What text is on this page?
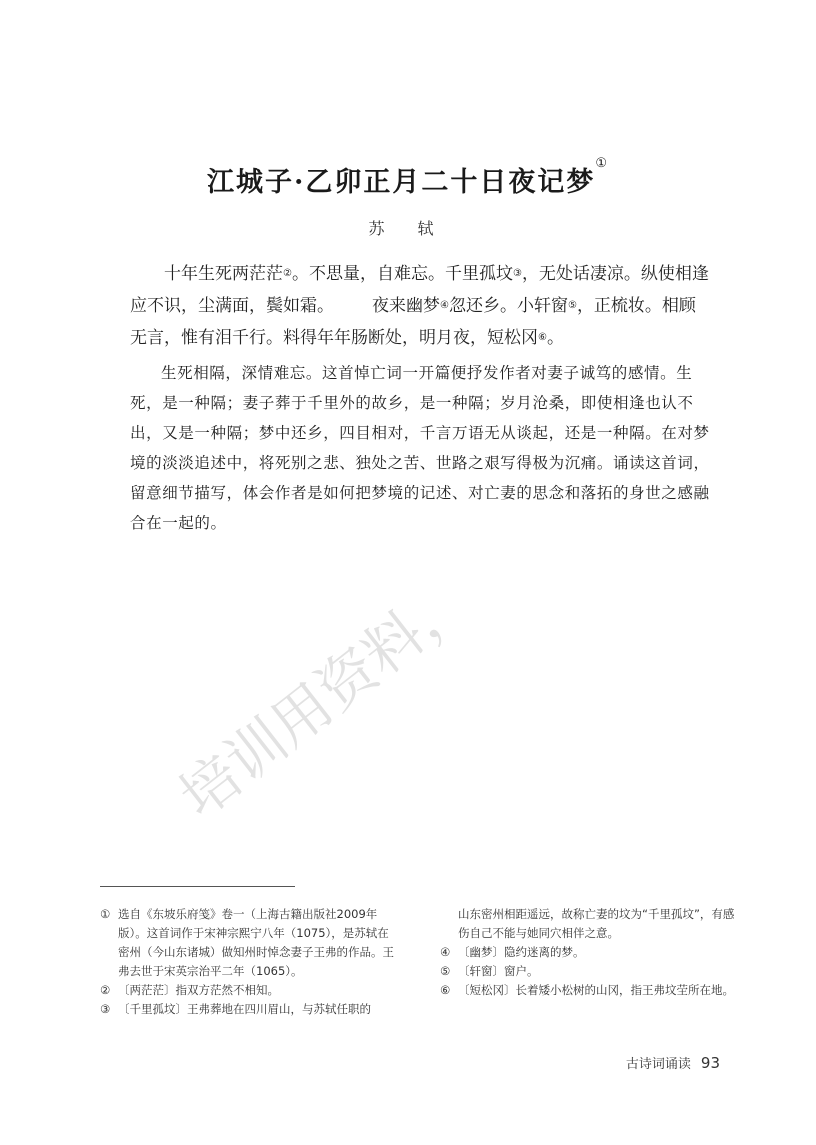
培训用资料，
江城子·乙卯正月二十日夜记梦①
苏 轼

十年生死两茫茫②。不思量，自难忘。千里孤坟③，无处话凄凉。纵使相逢应不识，尘满面，鬓如霜。 夜来幽梦④忽还乡。小轩窗⑤，正梳妆。相顾无言，惟有泪千行。料得年年肠断处，明月夜，短松冈⑥。

生死相隔，深情难忘。这首悼亡词一开篇便抒发作者对妻子诚笃的感情。生死，是一种隔；妻子葬于千里外的故乡，是一种隔；岁月沧桑，即使相逢也认不出，又是一种隔；梦中还乡，四目相对，千言万语无从谈起，还是一种隔。在对梦境的淡淡追述中，将死别之悲、独处之苦、世路之艰写得极为沉痛。诵读这首词，留意细节描写，体会作者是如何把梦境的记述、对亡妻的思念和落拓的身世之感融合在一起的。

① 选自《东坡乐府笺》卷一（上海古籍出版社2009年版）。这首词作于宋神宗熙宁八年（1075），是苏轼在密州（今山东诸城）做知州时悼念妻子王弗的作品。王弗去世于宋英宗治平二年（1065）。
② 〔两茫茫〕指双方茫然不相知。
③ 〔千里孤坟〕王弗葬地在四川眉山，与苏轼任职的
山东密州相距遥远，故称亡妻的坟为“千里孤坟”，有感伤自己不能与她同穴相伴之意。
④ 〔幽梦〕隐约迷离的梦。
⑤ 〔轩窗〕窗户。
⑥ 〔短松冈〕长着矮小松树的山冈，指王弗坟茔所在地。
古诗词诵读 93
